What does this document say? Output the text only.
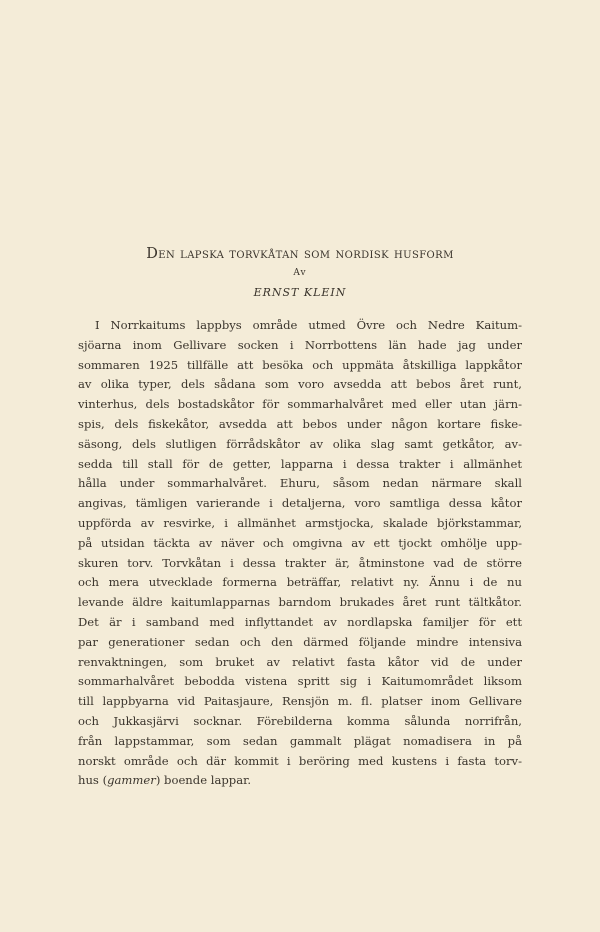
Den lapska torvkåtan som nordisk husform
Av
ERNST KLEIN
I Norrkaitums lappbys område utmed Övre och Nedre Kaitum-
sjöarna inom Gellivare socken i Norrbottens län hade jag under
sommaren 1925 tillfälle att besöka och uppmäta åtskilliga lappkåtor
av olika typer, dels sådana som voro avsedda att bebos året runt,
vinterhus, dels bostadskåtor för sommarhalvåret med eller utan järn-
spis, dels fiskekåtor, avsedda att bebos under någon kortare fiske-
säsong, dels slutligen förrådskåtor av olika slag samt getkåtor, av-
sedda till stall för de getter, lapparna i dessa trakter i allmänhet
hålla under sommarhalvåret. Ehuru, såsom nedan närmare skall
angivas, tämligen varierande i detaljerna, voro samtliga dessa kåtor
uppförda av resvirke, i allmänhet armstjocka, skalade björkstammar,
på utsidan täckta av näver och omgivna av ett tjockt omhölje upp-
skuren torv. Torvkåtan i dessa trakter är, åtminstone vad de större
och mera utvecklade formerna beträffar, relativt ny. Ännu i de nu
levande äldre kaitumlapparnas barndom brukades året runt tältkåtor.
Det är i samband med inflyttandet av nordlapska familjer för ett
par generationer sedan och den därmed följande mindre intensiva
renvaktningen, som bruket av relativt fasta kåtor vid de under
sommarhalvåret bebodda vistena spritt sig i Kaitumområdet liksom
till lappbyarna vid Paitasjaure, Rensjön m. fl. platser inom Gellivare
och Jukkasjärvi socknar. Förebilderna komma sålunda norrifrån,
från lappstammar, som sedan gammalt plägat nomadisera in på
norskt område och där kommit i beröring med kustens i fasta torv-
hus (gammer) boende lappar.
